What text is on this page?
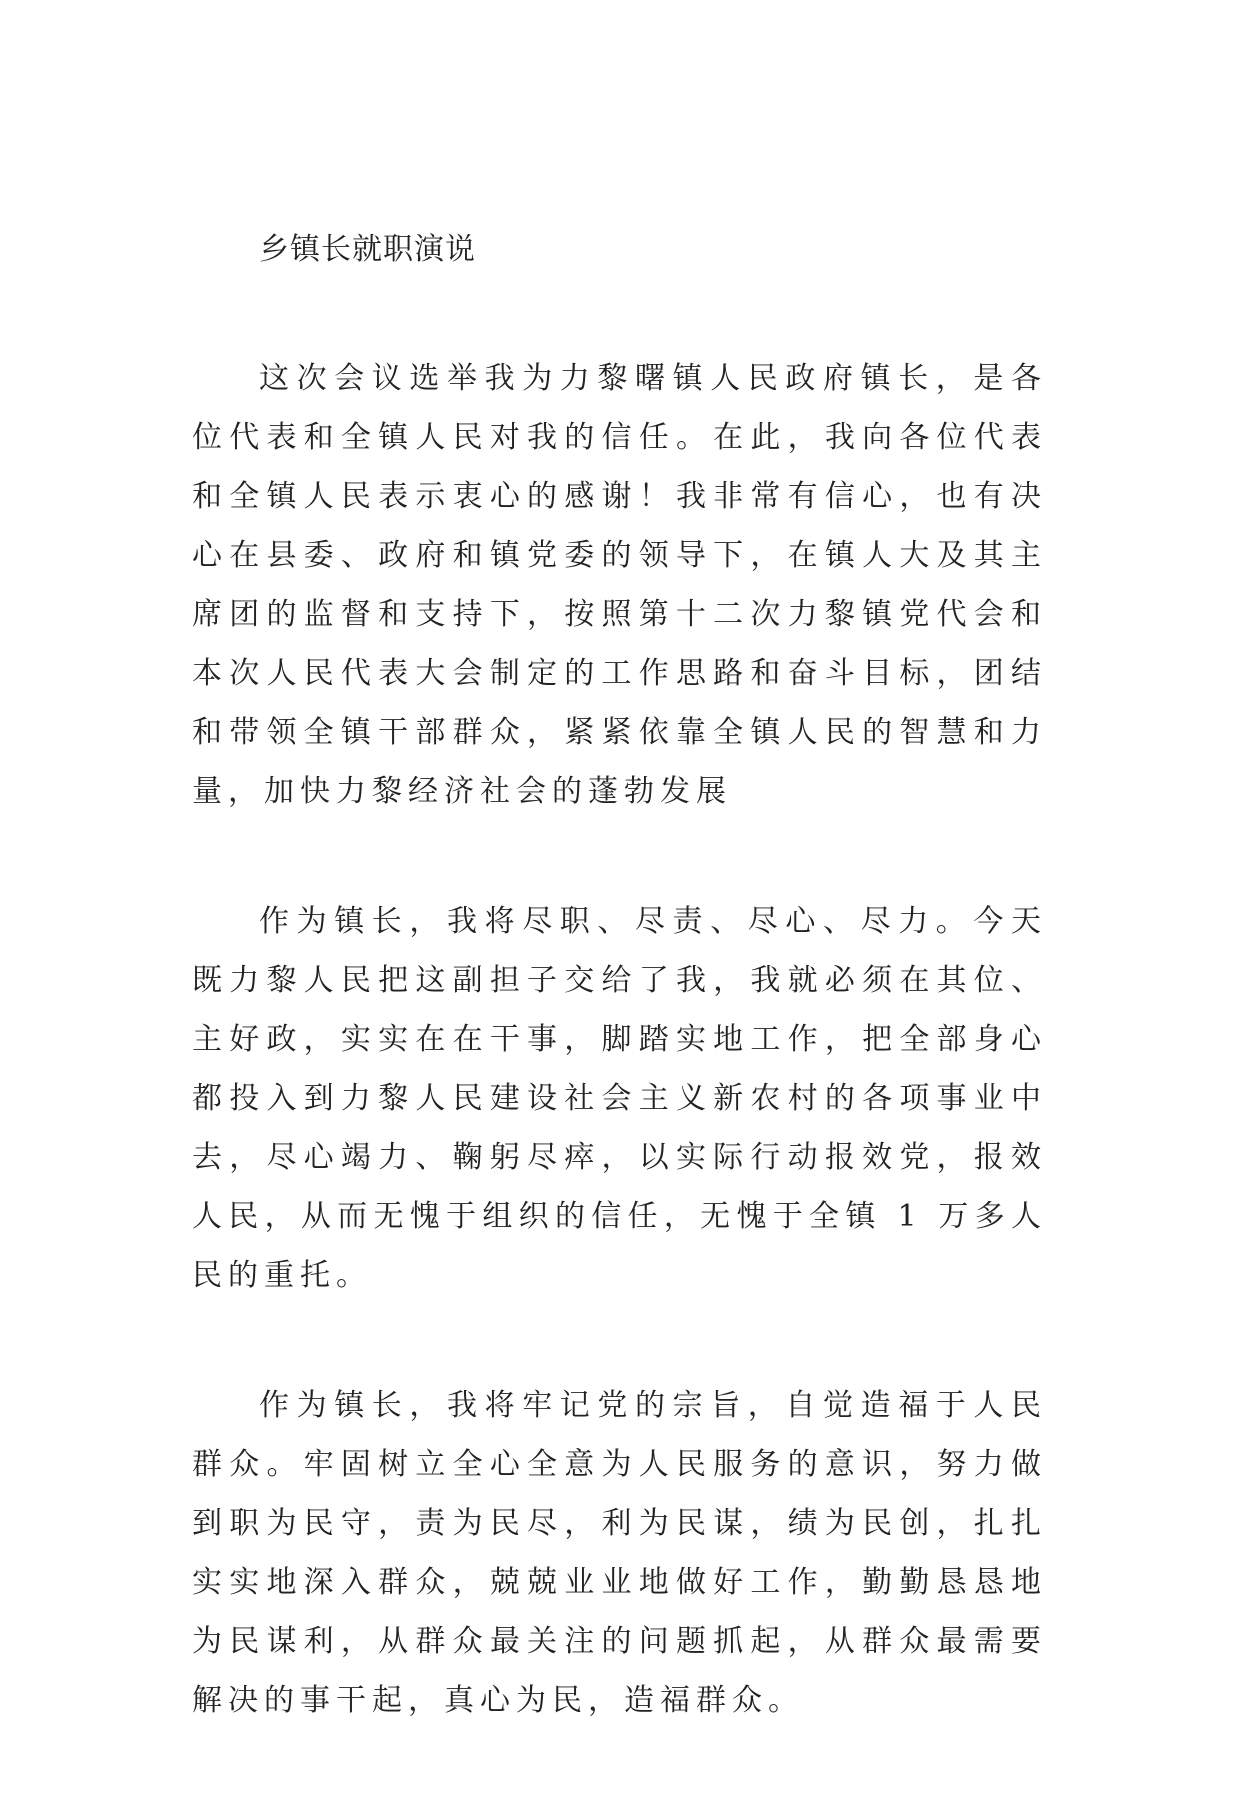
乡镇长就职演说

这次会议选举我为力黎曙镇人民政府镇长，是各位代表和全镇人民对我的信任。在此，我向各位代表和全镇人民表示衷心的感谢！我非常有信心，也有决心在县委、政府和镇党委的领导下，在镇人大及其主席团的监督和支持下，按照第十二次力黎镇党代会和本次人民代表大会制定的工作思路和奋斗目标，团结和带领全镇干部群众，紧紧依靠全镇人民的智慧和力量，加快力黎经济社会的蓬勃发展

作为镇长，我将尽职、尽责、尽心、尽力。今天既力黎人民把这副担子交给了我，我就必须在其位、主好政，实实在在干事，脚踏实地工作，把全部身心都投入到力黎人民建设社会主义新农村的各项事业中去，尽心竭力、鞠躬尽瘁，以实际行动报效党，报效人民，从而无愧于组织的信任，无愧于全镇 1 万多人民的重托。

作为镇长，我将牢记党的宗旨，自觉造福于人民群众。牢固树立全心全意为人民服务的意识，努力做到职为民守，责为民尽，利为民谋，绩为民创，扎扎实实地深入群众，兢兢业业地做好工作，勤勤恳恳地为民谋利，从群众最关注的问题抓起，从群众最需要解决的事干起，真心为民，造福群众。
